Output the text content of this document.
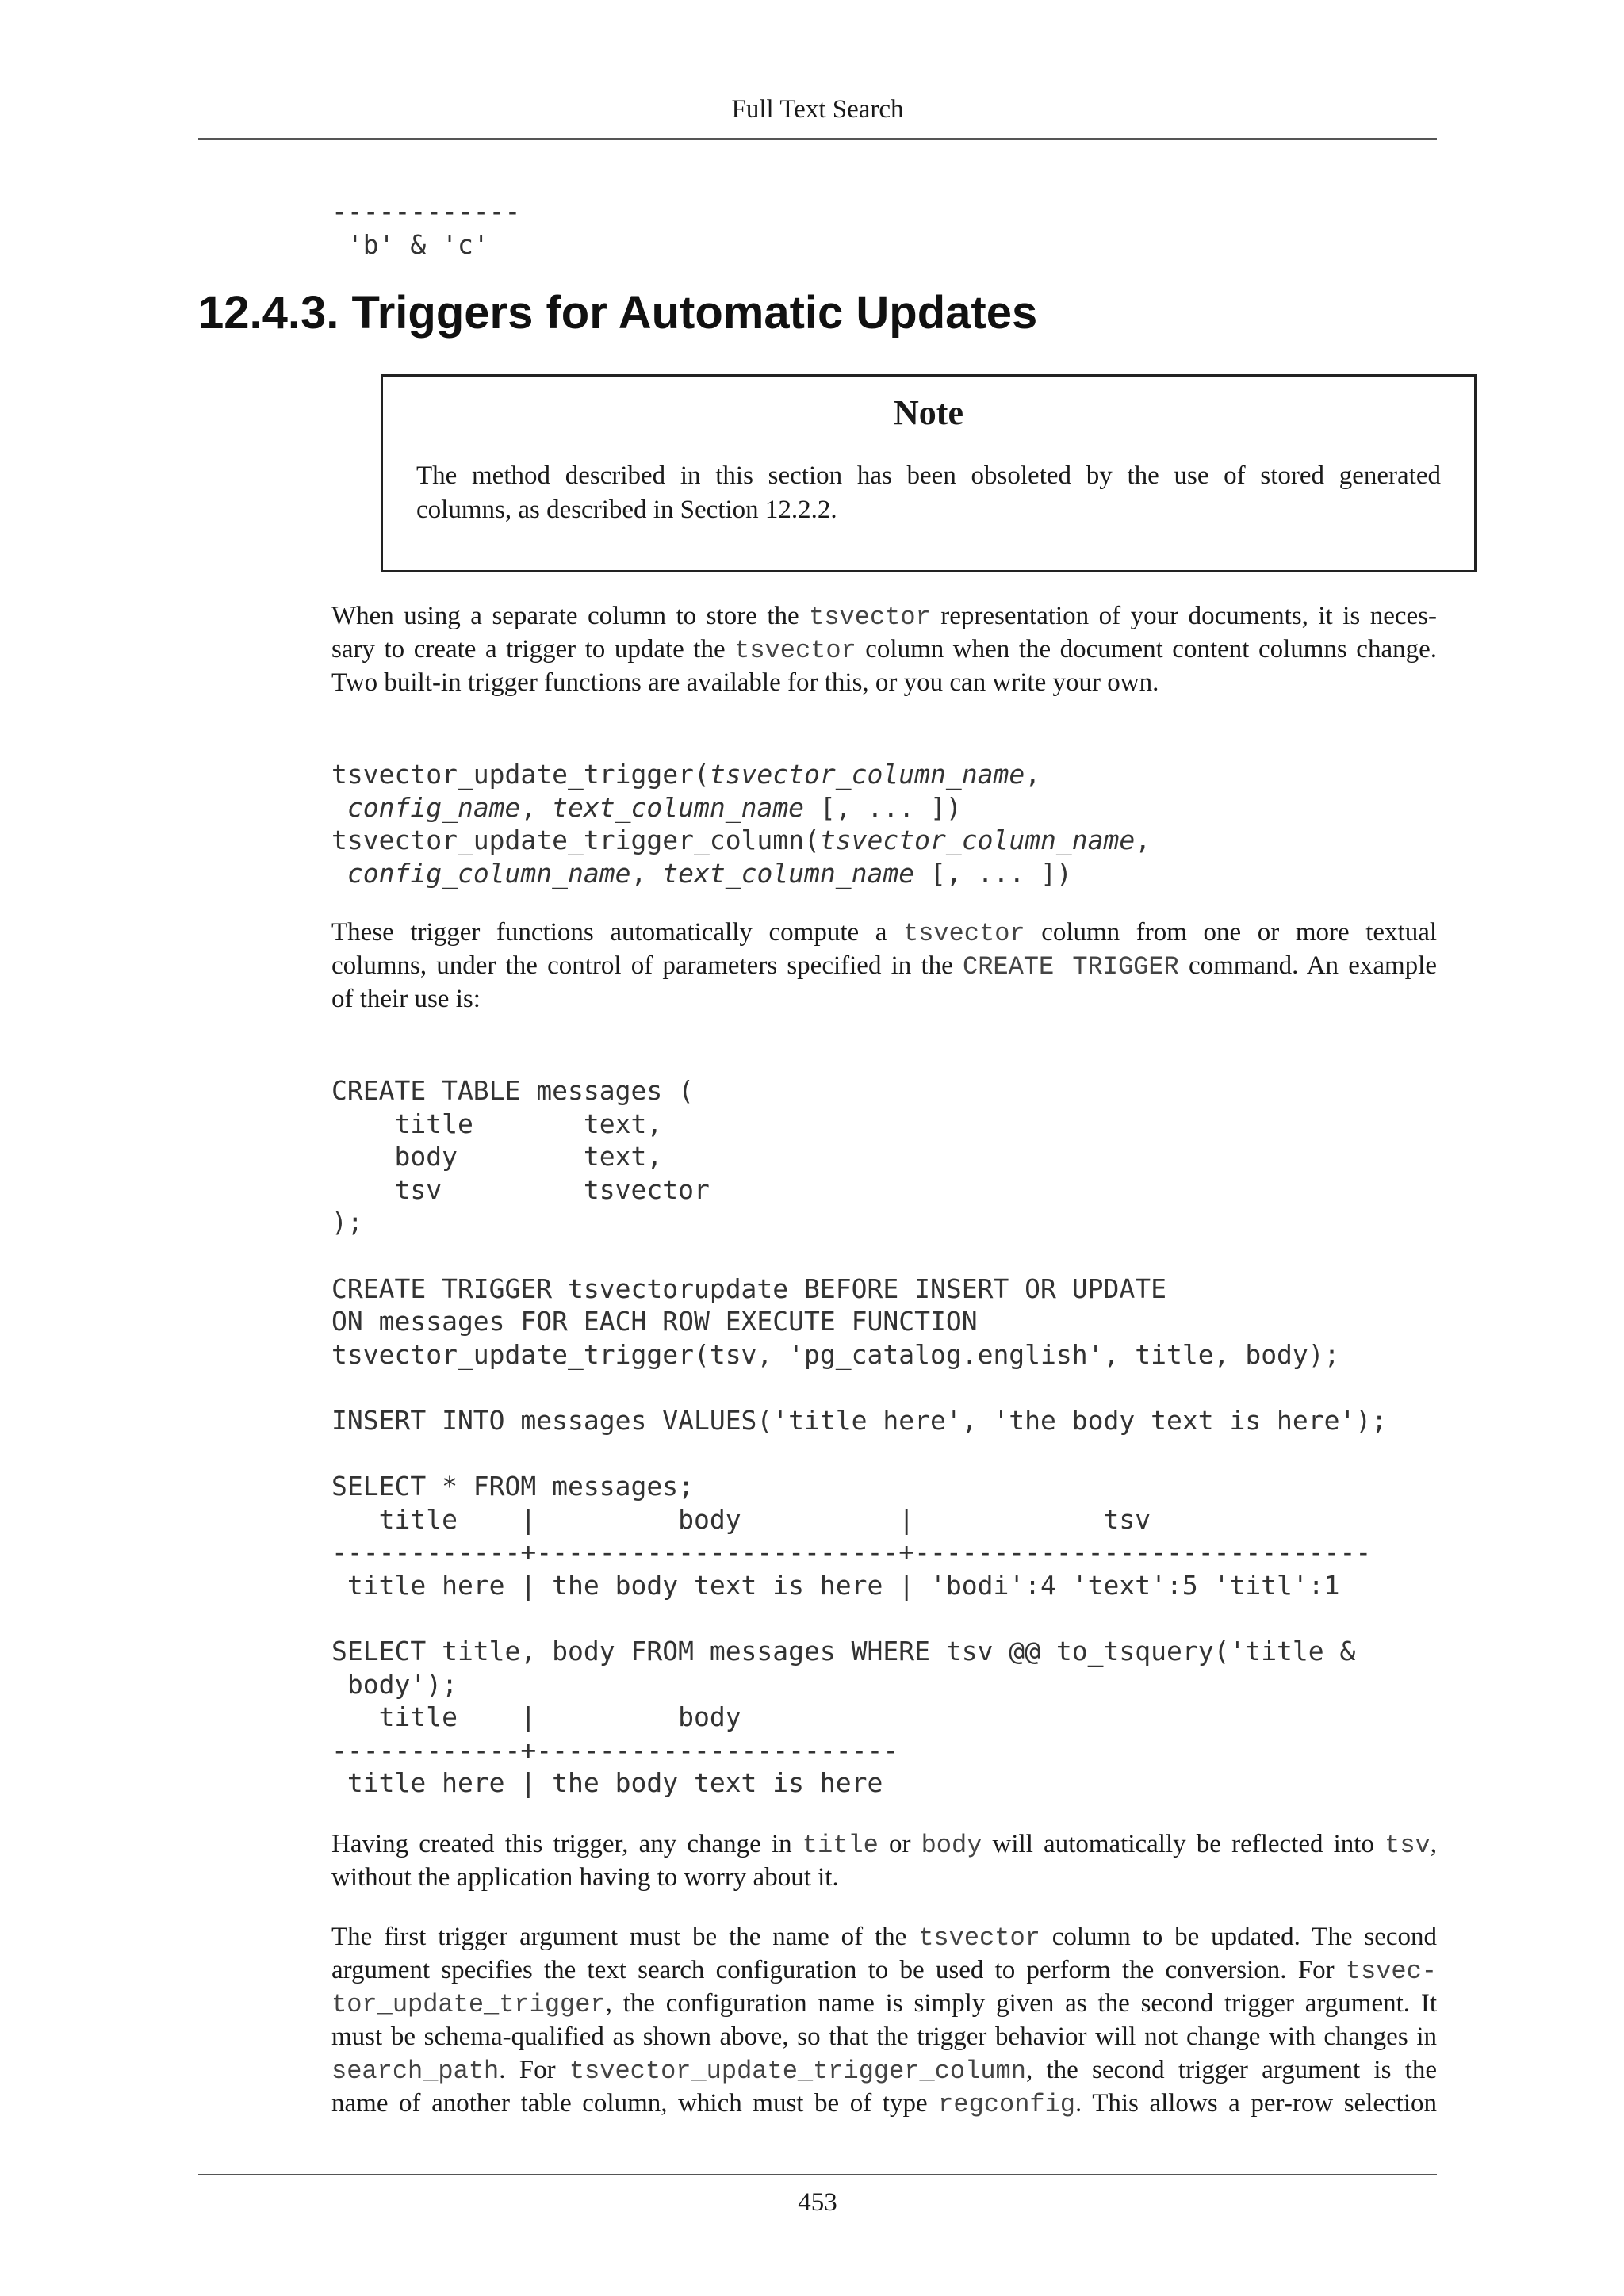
Full Text Search
------------
'b' & 'c'
12.4.3. Triggers for Automatic Updates
Note
The method described in this section has been obsoleted by the use of stored generated
columns, as described in Section 12.2.2.
When using a separate column to store the tsvector representation of your documents, it is neces-
sary to create a trigger to update the tsvector column when the document content columns change.
Two built-in trigger functions are available for this, or you can write your own.
tsvector_update_trigger(tsvector_column_name,
config_name, text_column_name [, ... ])
tsvector_update_trigger_column(tsvector_column_name,
config_column_name, text_column_name [, ... ])
These trigger functions automatically compute a tsvector column from one or more textual
columns, under the control of parameters specified in the CREATE TRIGGER command. An example
of their use is:
CREATE TABLE messages (
title       text,
body        text,
tsv         tsvector
);
CREATE TRIGGER tsvectorupdate BEFORE INSERT OR UPDATE
ON messages FOR EACH ROW EXECUTE FUNCTION
tsvector_update_trigger(tsv, 'pg_catalog.english', title, body);
INSERT INTO messages VALUES('title here', 'the body text is here');
SELECT * FROM messages;
title    |         body          |            tsv
------------+-----------------------+-----------------------------
title here | the body text is here | 'bodi':4 'text':5 'titl':1
SELECT title, body FROM messages WHERE tsv @@ to_tsquery('title &
body');
title    |         body
------------+-----------------------
title here | the body text is here
Having created this trigger, any change in title or body will automatically be reflected into tsv,
without the application having to worry about it.
The first trigger argument must be the name of the tsvector column to be updated. The second
argument specifies the text search configuration to be used to perform the conversion. For tsvec-
tor_update_trigger, the configuration name is simply given as the second trigger argument. It
must be schema-qualified as shown above, so that the trigger behavior will not change with changes in
search_path. For tsvector_update_trigger_column, the second trigger argument is the
name of another table column, which must be of type regconfig. This allows a per-row selection
453
